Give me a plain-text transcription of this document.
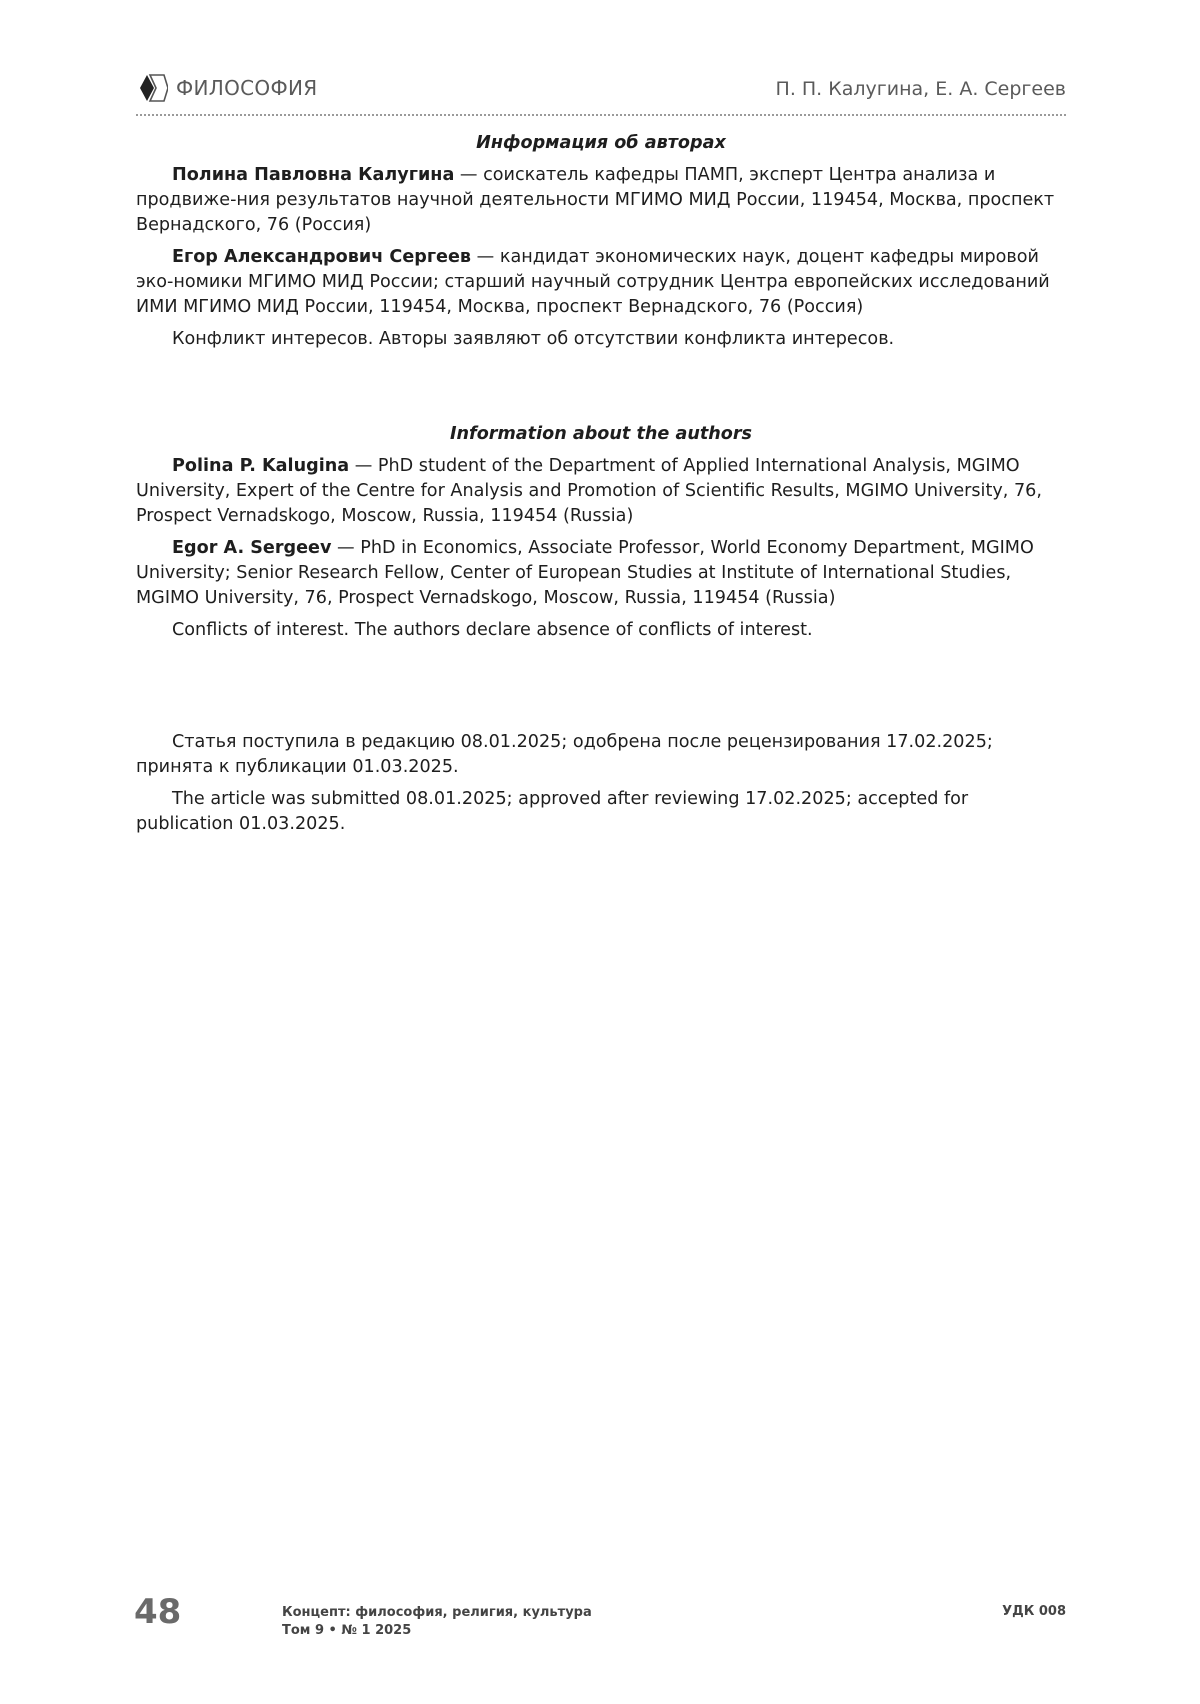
ФИЛОСОФИЯ	П. П. Калугина, Е. А. Сергеев

Информация об авторах

Полина Павловна Калугина — соискатель кафедры ПАМП, эксперт Центра анализа и продвиже-ния результатов научной деятельности МГИМО МИД России, 119454, Москва, проспект Вернадского, 76 (Россия)

Егор Александрович Сергеев — кандидат экономических наук, доцент кафедры мировой эко-номики МГИМО МИД России; старший научный сотрудник Центра европейских исследований ИМИ МГИМО МИД России, 119454, Москва, проспект Вернадского, 76 (Россия)

Конфликт интересов. Авторы заявляют об отсутствии конфликта интересов.

Information about the authors

Polina P. Kalugina — PhD student of the Department of Applied International Analysis, MGIMO University, Expert of the Centre for Analysis and Promotion of Scientific Results, MGIMO University, 76, Prospect Vernadskogo, Moscow, Russia, 119454 (Russia)

Egor A. Sergeev — PhD in Economics, Associate Professor, World Economy Department, MGIMO University; Senior Research Fellow, Center of European Studies at Institute of International Studies, MGIMO University, 76, Prospect Vernadskogo, Moscow, Russia, 119454 (Russia)

Conflicts of interest. The authors declare absence of conflicts of interest.

Статья поступила в редакцию 08.01.2025; одобрена после рецензирования 17.02.2025; принята к публикации 01.03.2025.

The article was submitted 08.01.2025; approved after reviewing 17.02.2025; accepted for publication 01.03.2025.

48	Концепт: философия, религия, культура
Том 9 • № 1 2025
УДК 008
